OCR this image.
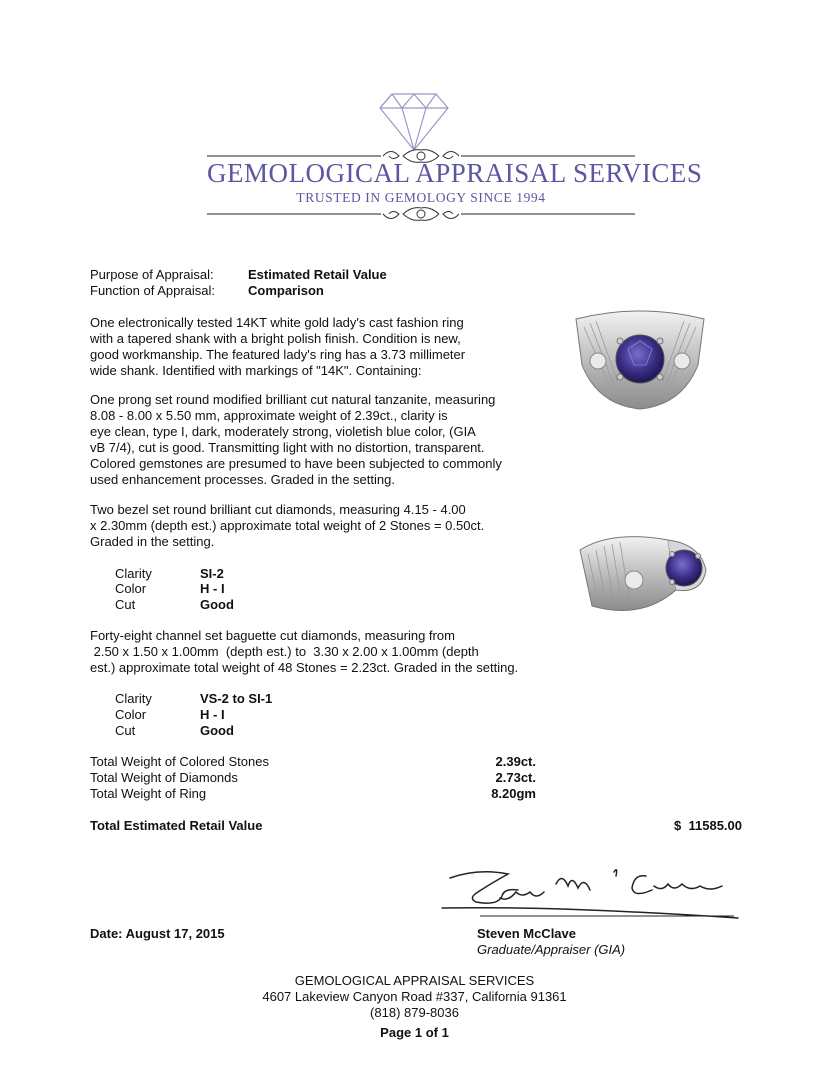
GEMOLOGICAL APPRAISAL SERVICES
TRUSTED IN GEMOLOGY SINCE 1994
Purpose of Appraisal:	Estimated Retail Value
Function of Appraisal:	Comparison
One electronically tested 14KT white gold lady's cast fashion ring
with a tapered shank with a bright polish finish. Condition is new,
good workmanship. The featured lady's ring has a 3.73 millimeter
wide shank. Identified with markings of "14K". Containing:
One prong set round modified brilliant cut natural tanzanite, measuring
8.08 - 8.00 x 5.50 mm, approximate weight of 2.39ct., clarity is
eye clean, type I, dark, moderately strong, violetish blue color, (GIA
vB 7/4), cut is good. Transmitting light with no distortion, transparent.
Colored gemstones are presumed to have been subjected to commonly
used enhancement processes. Graded in the setting.
Two bezel set round brilliant cut diamonds, measuring 4.15 - 4.00
x 2.30mm (depth est.) approximate total weight of 2 Stones = 0.50ct.
Graded in the setting.
Clarity	SI-2
Color	H - I
Cut	Good
Forty-eight channel set baguette cut diamonds, measuring from
2.50 x 1.50 x 1.00mm  (depth est.) to  3.30 x 2.00 x 1.00mm (depth
est.) approximate total weight of 48 Stones = 2.23ct. Graded in the setting.
Clarity	VS-2 to SI-1
Color	H - I
Cut	Good
Total Weight of Colored Stones	2.39ct.
Total Weight of Diamonds	2.73ct.
Total Weight of Ring	8.20gm
Total Estimated Retail Value	$  11585.00
Date: August 17, 2015	Steven McClave
Graduate/Appraiser (GIA)
GEMOLOGICAL APPRAISAL SERVICES
4607 Lakeview Canyon Road #337, California 91361
(818) 879-8036
Page 1 of 1
